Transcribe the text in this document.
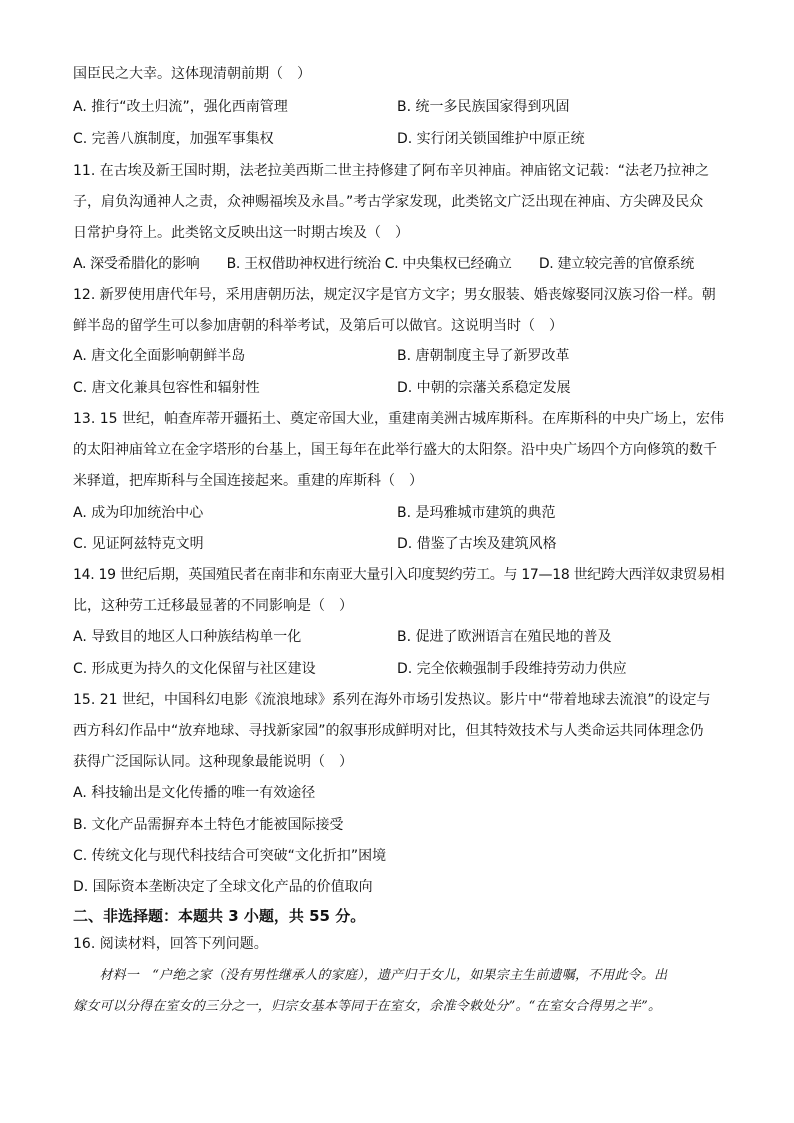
国臣民之大幸。这体现清朝前期（　）
A. 推行“改土归流”，强化西南管理	B. 统一多民族国家得到巩固
C. 完善八旗制度，加强军事集权	D. 实行闭关锁国维护中原正统
11. 在古埃及新王国时期，法老拉美西斯二世主持修建了阿布辛贝神庙。神庙铭文记载：“法老乃拉神之
子，肩负沟通神人之责，众神赐福埃及永昌。”考古学家发现，此类铭文广泛出现在神庙、方尖碑及民众
日常护身符上。此类铭文反映出这一时期古埃及（　）
A. 深受希腊化的影响　　B. 王权借助神权进行统治 C. 中央集权已经确立　　D. 建立较完善的官僚系统
12. 新罗使用唐代年号，采用唐朝历法，规定汉字是官方文字；男女服装、婚丧嫁娶同汉族习俗一样。朝
鲜半岛的留学生可以参加唐朝的科举考试，及第后可以做官。这说明当时（　）
A. 唐文化全面影响朝鲜半岛	B. 唐朝制度主导了新罗改革
C. 唐文化兼具包容性和辐射性	D. 中朝的宗藩关系稳定发展
13. 15 世纪，帕查库蒂开疆拓土、奠定帝国大业，重建南美洲古城库斯科。在库斯科的中央广场上，宏伟
的太阳神庙耸立在金字塔形的台基上，国王每年在此举行盛大的太阳祭。沿中央广场四个方向修筑的数千
米驿道，把库斯科与全国连接起来。重建的库斯科（　）
A. 成为印加统治中心	B. 是玛雅城市建筑的典范
C. 见证阿兹特克文明	D. 借鉴了古埃及建筑风格
14. 19 世纪后期，英国殖民者在南非和东南亚大量引入印度契约劳工。与 17—18 世纪跨大西洋奴隶贸易相
比，这种劳工迁移最显著的不同影响是（　）
A. 导致目的地区人口种族结构单一化	B. 促进了欧洲语言在殖民地的普及
C. 形成更为持久的文化保留与社区建设	D. 完全依赖强制手段维持劳动力供应
15. 21 世纪，中国科幻电影《流浪地球》系列在海外市场引发热议。影片中“带着地球去流浪”的设定与
西方科幻作品中“放弃地球、寻找新家园”的叙事形成鲜明对比，但其特效技术与人类命运共同体理念仍
获得广泛国际认同。这种现象最能说明（　）
A. 科技输出是文化传播的唯一有效途径
B. 文化产品需摒弃本土特色才能被国际接受
C. 传统文化与现代科技结合可突破“文化折扣”困境
D. 国际资本垄断决定了全球文化产品的价值取向
二、非选择题：本题共 3 小题，共 55 分。
16. 阅读材料，回答下列问题。
　　材料一　“户绝之家（没有男性继承人的家庭），遗产归于女儿，如果宗主生前遗嘱，不用此令。出
嫁女可以分得在室女的三分之一，归宗女基本等同于在室女，余准令敕处分”。“在室女合得男之半”。
